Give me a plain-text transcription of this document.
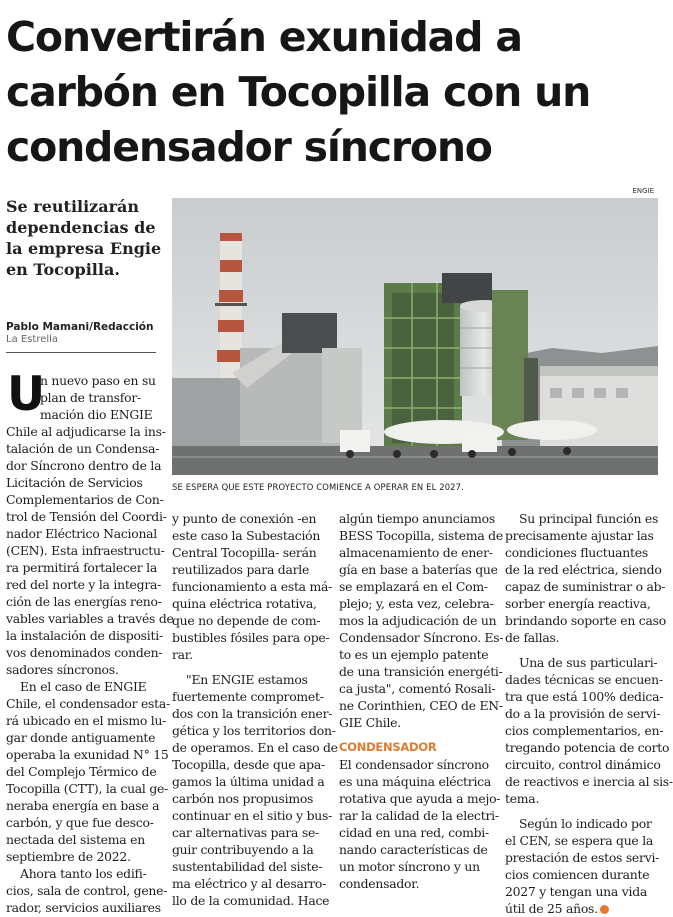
Convertirán exunidad a
carbón en Tocopilla con un
condensador síncrono
Se reutilizarán
dependencias de
la empresa Engie
en Tocopilla.
Pablo Mamani/Redacción
La Estrella
ENGIE
SE ESPERA QUE ESTE PROYECTO COMIENCE A OPERAR EN EL 2027.
U
n nuevo paso en su
plan de transfor-
mación dio ENGIE
Chile al adjudicarse la ins-
talación de un Condensa-
dor Síncrono dentro de la
Licitación de Servicios
Complementarios de Con-
trol de Tensión del Coordi-
nador Eléctrico Nacional
(CEN). Esta infraestructu-
ra permitirá fortalecer la
red del norte y la integra-
ción de las energías reno-
vables variables a través de
la instalación de dispositi-
vos denominados conden-
sadores síncronos.
En el caso de ENGIE
Chile, el condensador esta-
rá ubicado en el mismo lu-
gar donde antiguamente
operaba la exunidad N° 15
del Complejo Térmico de
Tocopilla (CTT), la cual ge-
neraba energía en base a
carbón, y que fue desco-
nectada del sistema en
septiembre de 2022.
Ahora tanto los edifi-
cios, sala de control, gene-
rador, servicios auxiliares
y punto de conexión -en
este caso la Subestación
Central Tocopilla- serán
reutilizados para darle
funcionamiento a esta má-
quina eléctrica rotativa,
que no depende de com-
bustibles fósiles para ope-
rar.
"En ENGIE estamos
fuertemente compromet-
dos con la transición ener-
gética y los territorios don-
de operamos. En el caso de
Tocopilla, desde que apa-
gamos la última unidad a
carbón nos propusimos
continuar en el sitio y bus-
car alternativas para se-
guir contribuyendo a la
sustentabilidad del siste-
ma eléctrico y al desarro-
llo de la comunidad. Hace
algún tiempo anunciamos
BESS Tocopilla, sistema de
almacenamiento de ener-
gía en base a baterías que
se emplazará en el Com-
plejo; y, esta vez, celebra-
mos la adjudicación de un
Condensador Síncrono. Es-
to es un ejemplo patente
de una transición energéti-
ca justa", comentó Rosali-
ne Corinthien, CEO de EN-
GIE Chile.
CONDENSADOR
El condensador síncrono
es una máquina eléctrica
rotativa que ayuda a mejo-
rar la calidad de la electri-
cidad en una red, combi-
nando características de
un motor síncrono y un
condensador.
Su principal función es
precisamente ajustar las
condiciones fluctuantes
de la red eléctrica, siendo
capaz de suministrar o ab-
sorber energía reactiva,
brindando soporte en caso
de fallas.
Una de sus particulari-
dades técnicas se encuen-
tra que está 100% dedica-
do a la provisión de servi-
cios complementarios, en-
tregando potencia de corto
circuito, control dinámico
de reactivos e inercia al sis-
tema.
Según lo indicado por
el CEN, se espera que la
prestación de estos servi-
cios comiencen durante
2027 y tengan una vida
útil de 25 años.
